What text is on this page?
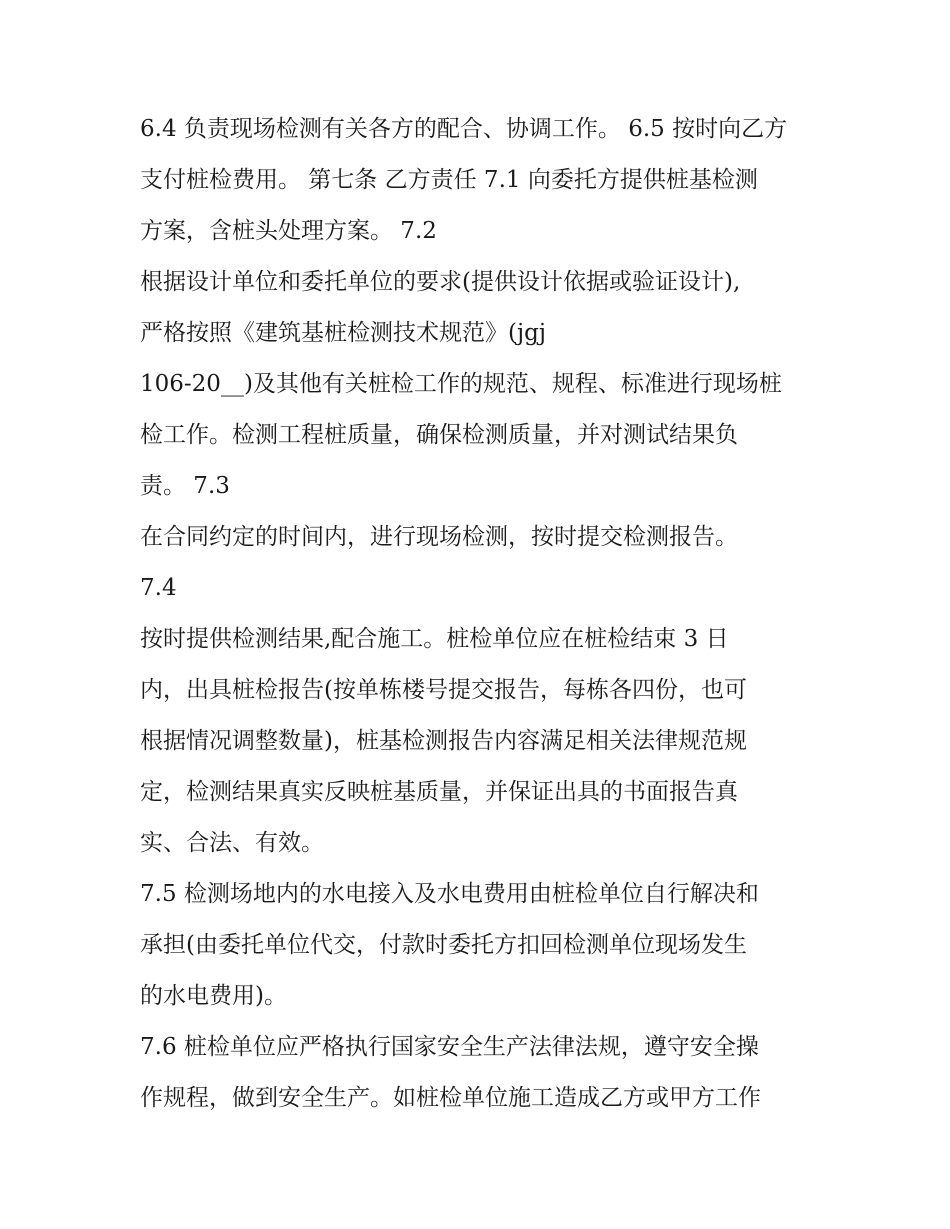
6.4 负责现场检测有关各方的配合、协调工作。 6.5 按时向乙方
支付桩检费用。 第七条 乙方责任 7.1 向委托方提供桩基检测
方案，含桩头处理方案。 7.2
根据设计单位和委托单位的要求(提供设计依据或验证设计),
严格按照《建筑基桩检测技术规范》(jgj
106-20__)及其他有关桩检工作的规范、规程、标准进行现场桩
检工作。检测工程桩质量，确保检测质量，并对测试结果负
责。 7.3
在合同约定的时间内，进行现场检测，按时提交检测报告。
7.4
按时提供检测结果,配合施工。桩检单位应在桩检结束 3 日
内，出具桩检报告(按单栋楼号提交报告，每栋各四份，也可
根据情况调整数量)，桩基检测报告内容满足相关法律规范规
定，检测结果真实反映桩基质量，并保证出具的书面报告真
实、合法、有效。
7.5 检测场地内的水电接入及水电费用由桩检单位自行解决和
承担(由委托单位代交，付款时委托方扣回检测单位现场发生
的水电费用)。
7.6 桩检单位应严格执行国家安全生产法律法规，遵守安全操
作规程，做到安全生产。如桩检单位施工造成乙方或甲方工作
